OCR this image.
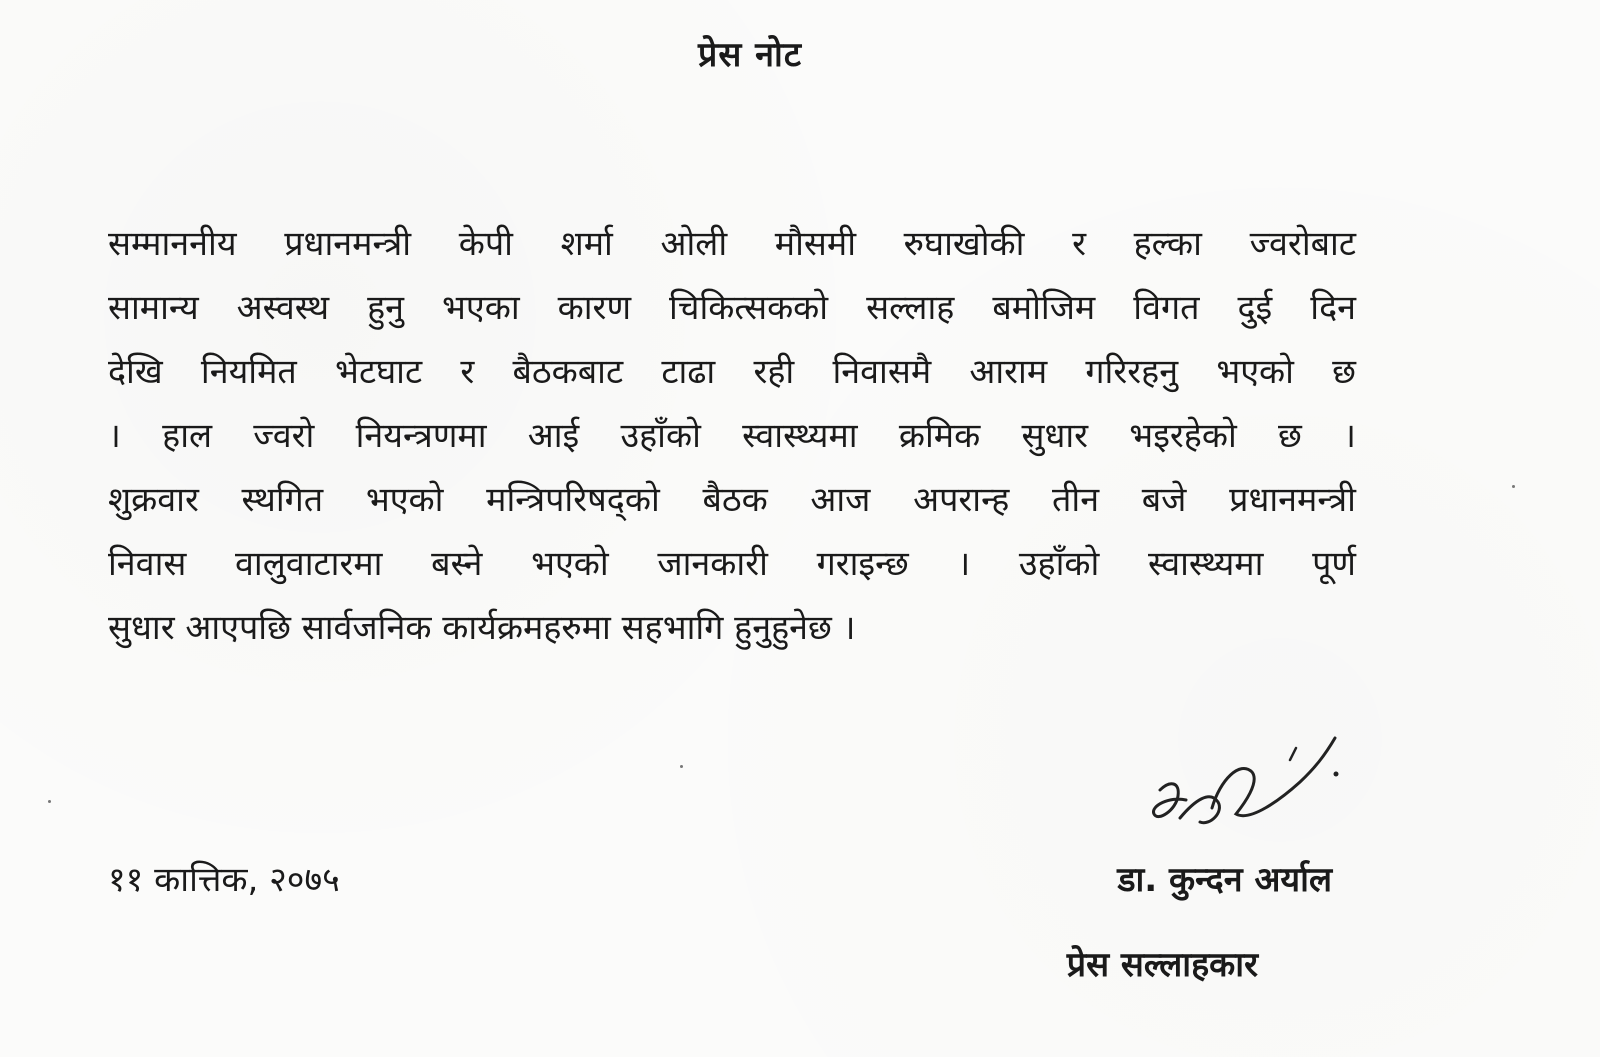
प्रेस नोट
सम्माननीय प्रधानमन्त्री केपी शर्मा ओली मौसमी रुघाखोकी र हल्का ज्वरोबाट
सामान्य अस्वस्थ हुनु भएका कारण चिकित्सकको सल्लाह बमोजिम विगत दुई दिन
देखि नियमित भेटघाट र बैठकबाट टाढा रही निवासमै आराम गरिरहनु भएको छ
। हाल ज्वरो नियन्त्रणमा आई उहाँको स्वास्थ्यमा क्रमिक सुधार भइरहेको छ ।
शुक्रवार स्थगित भएको मन्त्रिपरिषद्को बैठक आज अपरान्ह तीन बजे प्रधानमन्त्री
निवास वालुवाटारमा बस्ने भएको जानकारी गराइन्छ । उहाँको स्वास्थ्यमा पूर्ण
सुधार आएपछि सार्वजनिक कार्यक्रमहरुमा सहभागि हुनुहुनेछ ।
११ कात्तिक, २०७५	डा. कुन्दन अर्याल
प्रेस सल्लाहकार
